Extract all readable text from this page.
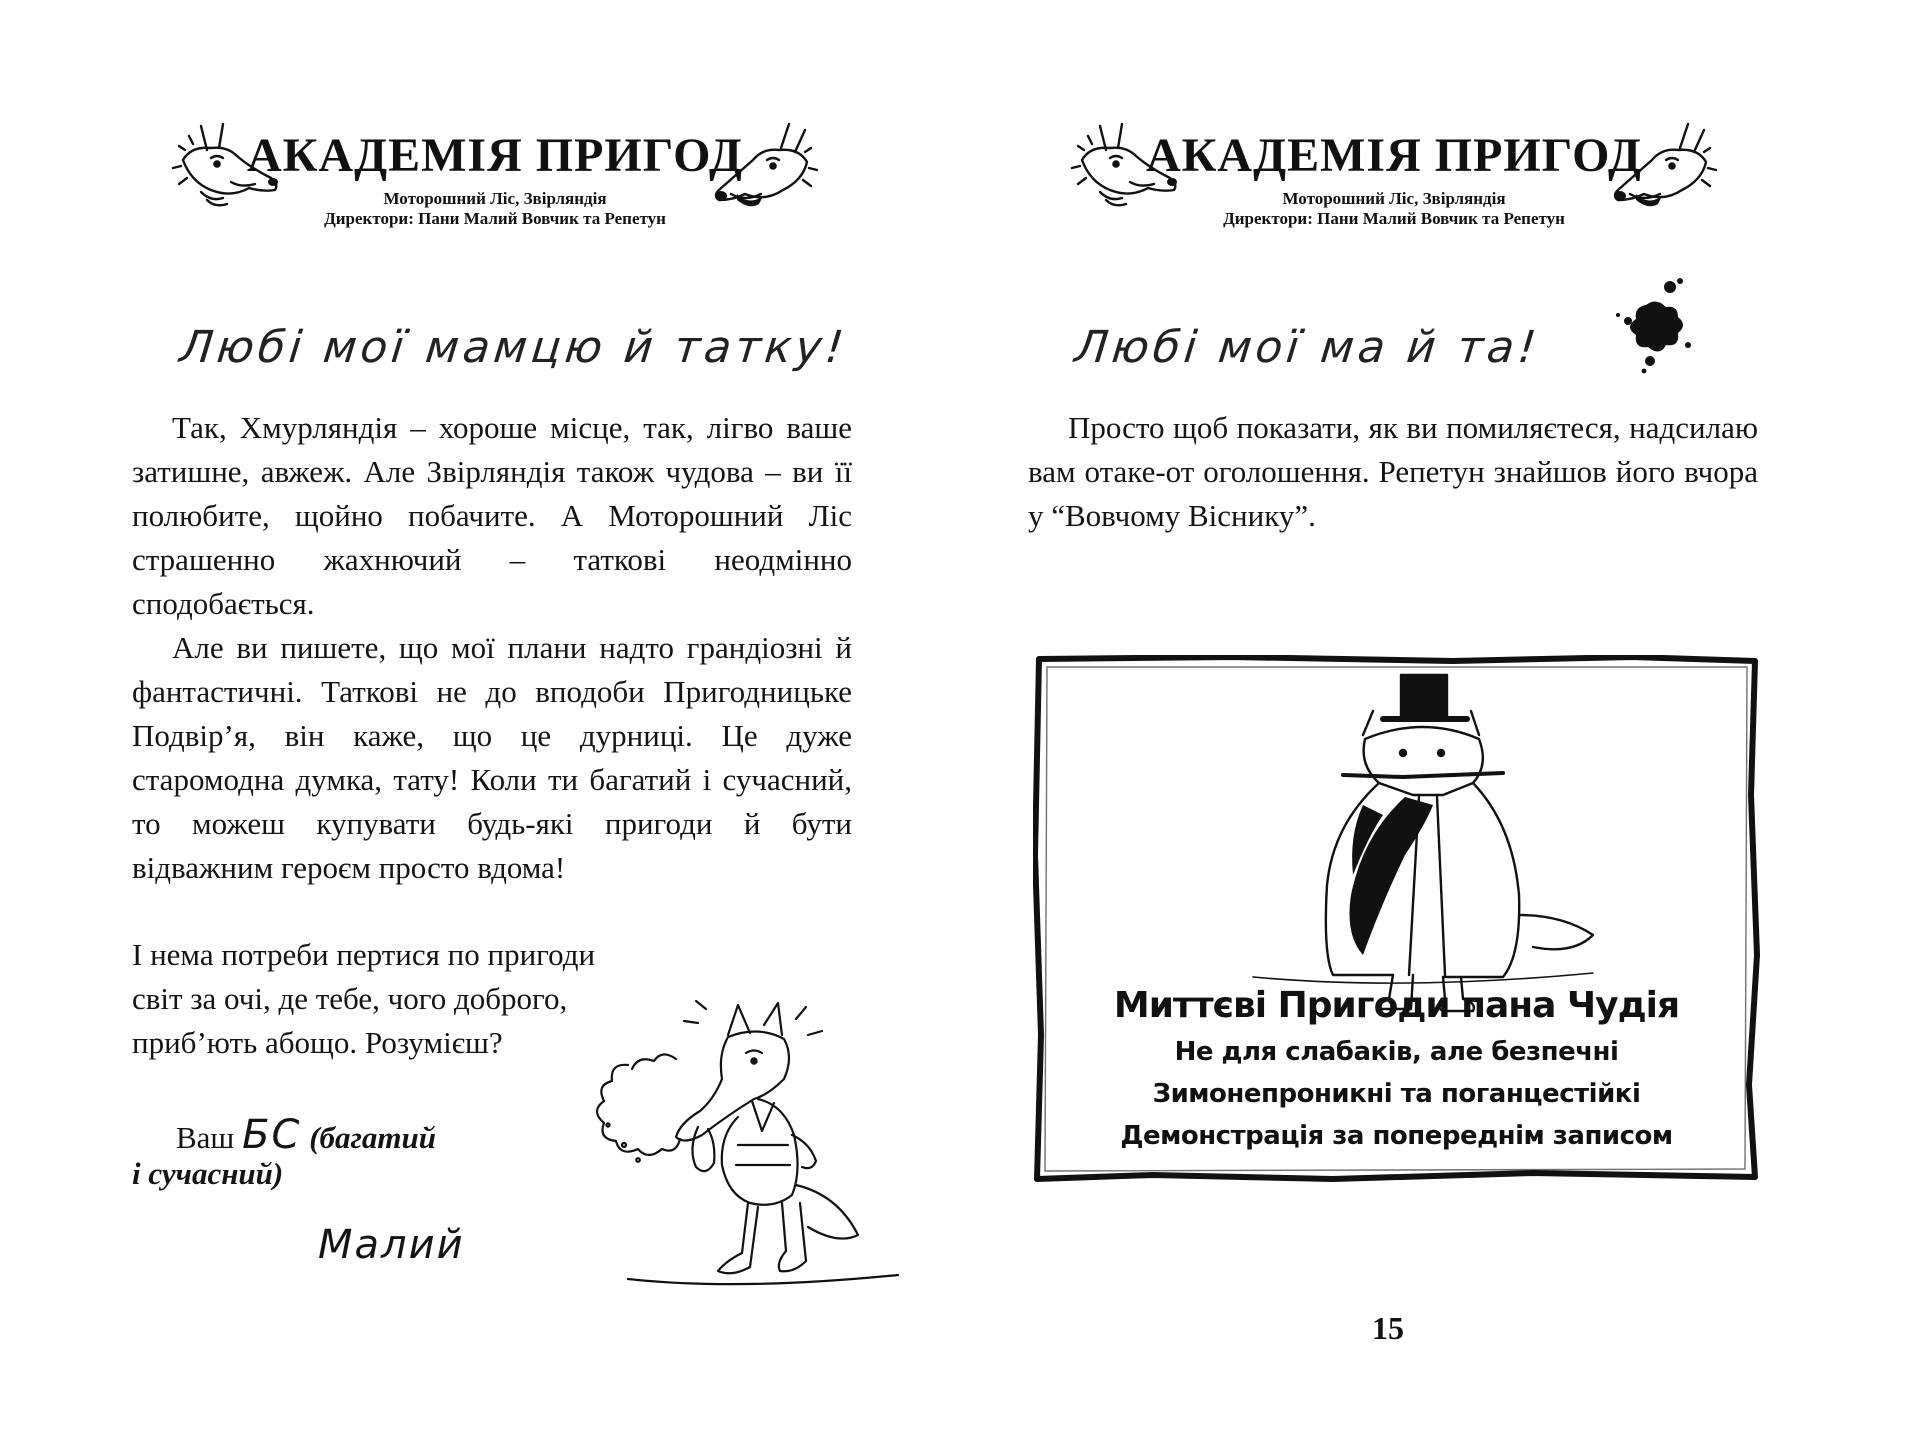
АКАДЕМІЯ ПРИГОД
Моторошний Ліс, Звірляндія
Директори: Пани Малий Вовчик та Репетун
Любі мої мамцю й татку!
Так, Хмурляндія – хороше місце, так, лігво ваше затишне, авжеж. Але Звірляндія також чудова – ви її полюбите, щойно побачите. А Моторошний Ліс страшенно жахнючий – таткові неодмінно сподобається.
Але ви пишете, що мої плани надто грандіозні й фантастичні. Таткові не до вподоби Пригодницьке Подвір’я, він каже, що це дурниці. Це дуже старомодна думка, тату! Коли ти багатий і сучасний, то можеш купувати будь-які пригоди й бути відважним героєм просто вдома!
І нема потреби пертися по пригоди
світ за очі, де тебе, чого доброго,
приб’ють абощо. Розумієш?
Ваш БС (багатий
і сучасний)
Малий
АКАДЕМІЯ ПРИГОД
Моторошний Ліс, Звірляндія
Директори: Пани Малий Вовчик та Репетун
Любі мої ма й та!
Просто щоб показати, як ви помиляєтеся, надсилаю вам отаке-от оголошення. Репетун знайшов його вчора у “Вовчому Віснику”.
Миттєві Пригоди пана Чудія
Не для слабаків, але безпечні
Зимонепроникні та поганцестійкі
Демонстрація за попереднім записом
15
